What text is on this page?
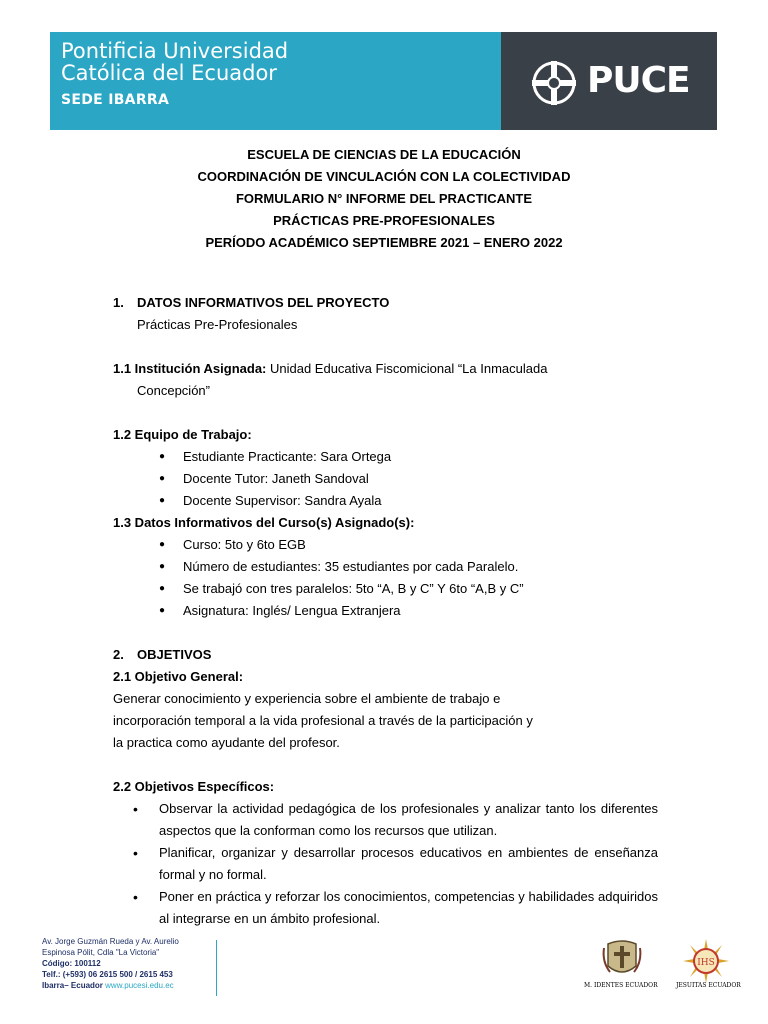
Pontificia Universidad
Católica del Ecuador
SEDE IBARRA	PUCE
ESCUELA DE CIENCIAS DE LA EDUCACIÓN
COORDINACIÓN DE VINCULACIÓN CON LA COLECTIVIDAD
FORMULARIO N° INFORME DEL PRACTICANTE
PRÁCTICAS PRE-PROFESIONALES
PERÍODO ACADÉMICO SEPTIEMBRE 2021 – ENERO 2022
1.	DATOS INFORMATIVOS DEL PROYECTO
Prácticas Pre-Profesionales
1.1 Institución Asignada: Unidad Educativa Fiscomicional “La Inmaculada
Concepción”
1.2 Equipo de Trabajo:
● Estudiante Practicante: Sara Ortega
● Docente Tutor: Janeth Sandoval
● Docente Supervisor: Sandra Ayala
1.3 Datos Informativos del Curso(s) Asignado(s):
● Curso: 5to y 6to EGB
● Número de estudiantes: 35 estudiantes por cada Paralelo.
● Se trabajó con tres paralelos: 5to “A, B y C” Y 6to “A,B y C”
● Asignatura: Inglés/ Lengua Extranjera
2.	OBJETIVOS
2.1 Objetivo General:
Generar conocimiento y experiencia sobre el ambiente de trabajo e
incorporación temporal a la vida profesional a través de la participación y
la practica como ayudante del profesor.
2.2 Objetivos Específicos:
• Observar la actividad pedagógica de los profesionales y analizar tanto los diferentes aspectos que la conforman como los recursos que utilizan.
• Planificar, organizar y desarrollar procesos educativos en ambientes de enseñanza formal y no formal.
• Poner en práctica y reforzar los conocimientos, competencias y habilidades adquiridos al integrarse en un ámbito profesional.
Av. Jorge Guzmán Rueda y Av. Aurelio
Espinosa Pólit, Cdla "La Victoria"
Código: 100112
Telf.: (+593) 06 2615 500 / 2615 453
Ibarra– Ecuador www.pucesi.edu.ec	M. IDENTES ECUADOR
IHS
JESUITAS ECUADOR
